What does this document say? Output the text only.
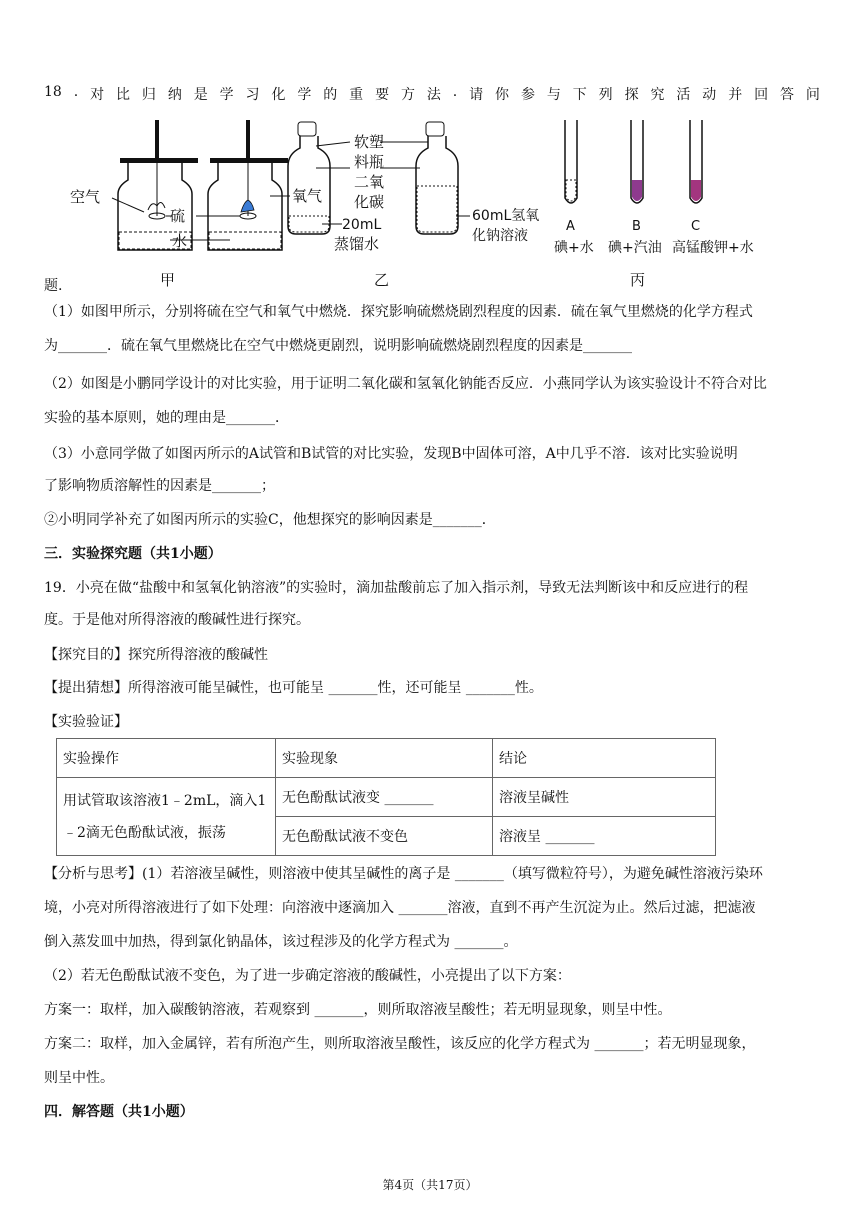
18 . 对 比 归 纳 是 学 习 化 学 的 重 要 方 法 . 请 你 参 与 下 列 探 究 活 动 并 回 答 问
空气
硫
氧气
水
甲
软塑
料瓶
二氧
化碳
20mL
蒸馏水
60mL氢氧
化钠溶液
乙
A	B	C
碘+水 碘+汽油 高锰酸钾+水
丙
题.
（1）如图甲所示，分别将硫在空气和氧气中燃烧．探究影响硫燃烧剧烈程度的因素．硫在氧气里燃烧的化学方程式
为_______．硫在氧气里燃烧比在空气中燃烧更剧烈，说明影响硫燃烧剧烈程度的因素是_______
（2）如图是小鹏同学设计的对比实验，用于证明二氧化碳和氢氧化钠能否反应．小燕同学认为该实验设计不符合对比
实验的基本原则，她的理由是_______．
（3）小意同学做了如图丙所示的A试管和B试管的对比实验，发现B中固体可溶，A中几乎不溶．该对比实验说明
了影响物质溶解性的因素是_______；
②小明同学补充了如图丙所示的实验C，他想探究的影响因素是_______．
三．实验探究题（共1小题）
19．小亮在做“盐酸中和氢氧化钠溶液”的实验时，滴加盐酸前忘了加入指示剂，导致无法判断该中和反应进行的程
度。于是他对所得溶液的酸碱性进行探究。
【探究目的】探究所得溶液的酸碱性
【提出猜想】所得溶液可能呈碱性，也可能呈 _______性，还可能呈 _______性。
【实验验证】
实验操作	实验现象	结论

用试管取该溶液1﹣2mL，滴入1
﹣2滴无色酚酞试液，振荡	无色酚酞试液变 _______	溶液呈碱性
	无色酚酞试液不变色	溶液呈 _______
【分析与思考】(1）若溶液呈碱性，则溶液中使其呈碱性的离子是 _______（填写微粒符号），为避免碱性溶液污染环
境，小亮对所得溶液进行了如下处理：向溶液中逐滴加入 _______溶液，直到不再产生沉淀为止。然后过滤，把滤液
倒入蒸发皿中加热，得到氯化钠晶体，该过程涉及的化学方程式为 _______。
（2）若无色酚酞试液不变色，为了进一步确定溶液的酸碱性，小亮提出了以下方案：
方案一：取样，加入碳酸钠溶液，若观察到 _______，则所取溶液呈酸性；若无明显现象，则呈中性。
方案二：取样，加入金属锌，若有所泡产生，则所取溶液呈酸性，该反应的化学方程式为 _______；若无明显现象，
则呈中性。
四．解答题（共1小题）
第4页（共17页）
